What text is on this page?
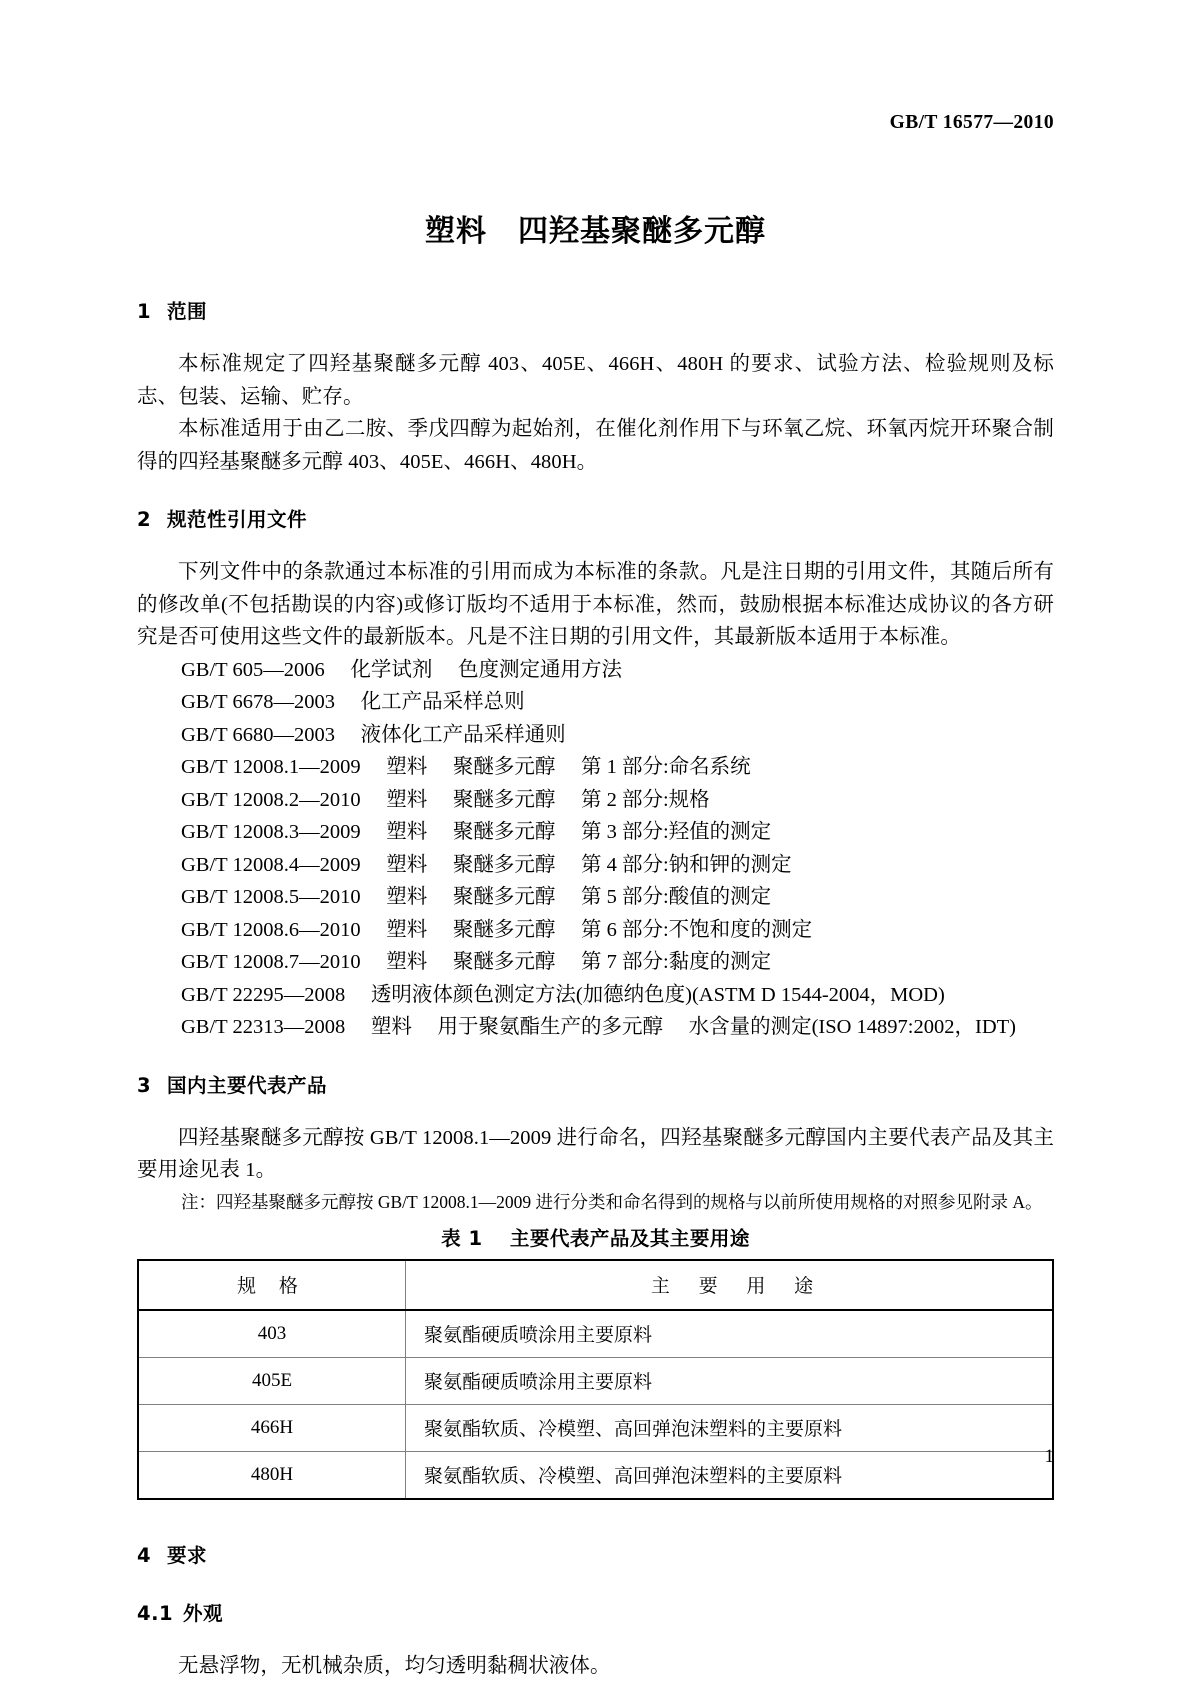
GB/T 16577—2010
塑料　四羟基聚醚多元醇
1 范围

本标准规定了四羟基聚醚多元醇 403、405E、466H、480H 的要求、试验方法、检验规则及标志、包装、运输、贮存。

本标准适用于由乙二胺、季戊四醇为起始剂，在催化剂作用下与环氧乙烷、环氧丙烷开环聚合制得的四羟基聚醚多元醇 403、405E、466H、480H。

2 规范性引用文件

下列文件中的条款通过本标准的引用而成为本标准的条款。凡是注日期的引用文件，其随后所有的修改单(不包括勘误的内容)或修订版均不适用于本标准，然而，鼓励根据本标准达成协议的各方研究是否可使用这些文件的最新版本。凡是不注日期的引用文件，其最新版本适用于本标准。

GB/T 605—2006　 化学试剂　 色度测定通用方法

GB/T 6678—2003　 化工产品采样总则

GB/T 6680—2003　 液体化工产品采样通则

GB/T 12008.1—2009　 塑料　 聚醚多元醇　 第 1 部分:命名系统

GB/T 12008.2—2010　 塑料　 聚醚多元醇　 第 2 部分:规格

GB/T 12008.3—2009　 塑料　 聚醚多元醇　 第 3 部分:羟值的测定

GB/T 12008.4—2009　 塑料　 聚醚多元醇　 第 4 部分:钠和钾的测定

GB/T 12008.5—2010　 塑料　 聚醚多元醇　 第 5 部分:酸值的测定

GB/T 12008.6—2010　 塑料　 聚醚多元醇　 第 6 部分:不饱和度的测定

GB/T 12008.7—2010　 塑料　 聚醚多元醇　 第 7 部分:黏度的测定

GB/T 22295—2008　 透明液体颜色测定方法(加德纳色度)(ASTM D 1544-2004，MOD)

GB/T 22313—2008　 塑料　 用于聚氨酯生产的多元醇　 水含量的测定(ISO 14897:2002，IDT)

3 国内主要代表产品

四羟基聚醚多元醇按 GB/T 12008.1—2009 进行命名，四羟基聚醚多元醇国内主要代表产品及其主要用途见表 1。

注：四羟基聚醚多元醇按 GB/T 12008.1—2009 进行分类和命名得到的规格与以前所使用规格的对照参见附录 A。

表 1　 主要代表产品及其主要用途
规 格	主 要 用 途
403	聚氨酯硬质喷涂用主要原料
405E	聚氨酯硬质喷涂用主要原料
466H	聚氨酯软质、冷模塑、高回弹泡沫塑料的主要原料
480H	聚氨酯软质、冷模塑、高回弹泡沫塑料的主要原料
4 要求
4.1 外观

无悬浮物，无机械杂质，均匀透明黏稠状液体。

1
